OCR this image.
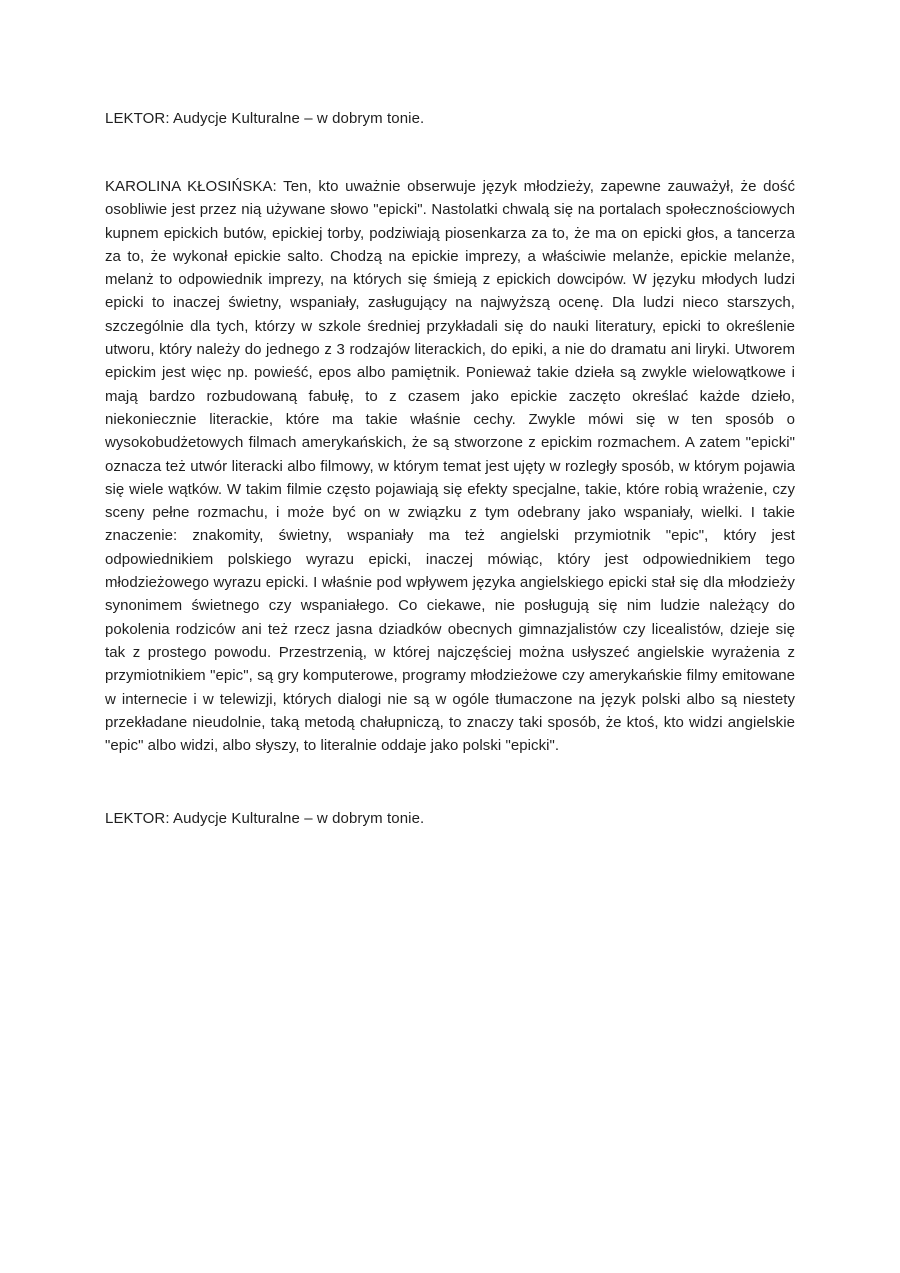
LEKTOR: Audycje Kulturalne – w dobrym tonie.

KAROLINA KŁOSIŃSKA: Ten, kto uważnie obserwuje język młodzieży, zapewne zauważył, że dość osobliwie jest przez nią używane słowo "epicki". Nastolatki chwalą się na portalach społecznościowych kupnem epickich butów, epickiej torby, podziwiają piosenkarza za to, że ma on epicki głos, a tancerza za to, że wykonał epickie salto. Chodzą na epickie imprezy, a właściwie melanże, epickie melanże, melanż to odpowiednik imprezy, na których się śmieją z epickich dowcipów. W języku młodych ludzi epicki to inaczej świetny, wspaniały, zasługujący na najwyższą ocenę. Dla ludzi nieco starszych, szczególnie dla tych, którzy w szkole średniej przykładali się do nauki literatury, epicki to określenie utworu, który należy do jednego z 3 rodzajów literackich, do epiki, a nie do dramatu ani liryki. Utworem epickim jest więc np. powieść, epos albo pamiętnik. Ponieważ takie dzieła są zwykle wielowątkowe i mają bardzo rozbudowaną fabułę, to z czasem jako epickie zaczęto określać każde dzieło, niekoniecznie literackie, które ma takie właśnie cechy. Zwykle mówi się w ten sposób o wysokobudżetowych filmach amerykańskich, że są stworzone z epickim rozmachem. A zatem "epicki" oznacza też utwór literacki albo filmowy, w którym temat jest ujęty w rozległy sposób, w którym pojawia się wiele wątków. W takim filmie często pojawiają się efekty specjalne, takie, które robią wrażenie, czy sceny pełne rozmachu, i może być on w związku z tym odebrany jako wspaniały, wielki. I takie znaczenie: znakomity, świetny, wspaniały ma też angielski przymiotnik "epic", który jest odpowiednikiem polskiego wyrazu epicki, inaczej mówiąc, który jest odpowiednikiem tego młodzieżowego wyrazu epicki. I właśnie pod wpływem języka angielskiego epicki stał się dla młodzieży synonimem świetnego czy wspaniałego. Co ciekawe, nie posługują się nim ludzie należący do pokolenia rodziców ani też rzecz jasna dziadków obecnych gimnazjalistów czy licealistów, dzieje się tak z prostego powodu. Przestrzenią, w której najczęściej można usłyszeć angielskie wyrażenia z przymiotnikiem "epic", są gry komputerowe, programy młodzieżowe czy amerykańskie filmy emitowane w internecie i w telewizji, których dialogi nie są w ogóle tłumaczone na język polski albo są niestety przekładane nieudolnie, taką metodą chałupniczą, to znaczy taki sposób, że ktoś, kto widzi angielskie "epic" albo widzi, albo słyszy, to literalnie oddaje jako polski "epicki".

LEKTOR: Audycje Kulturalne – w dobrym tonie.
